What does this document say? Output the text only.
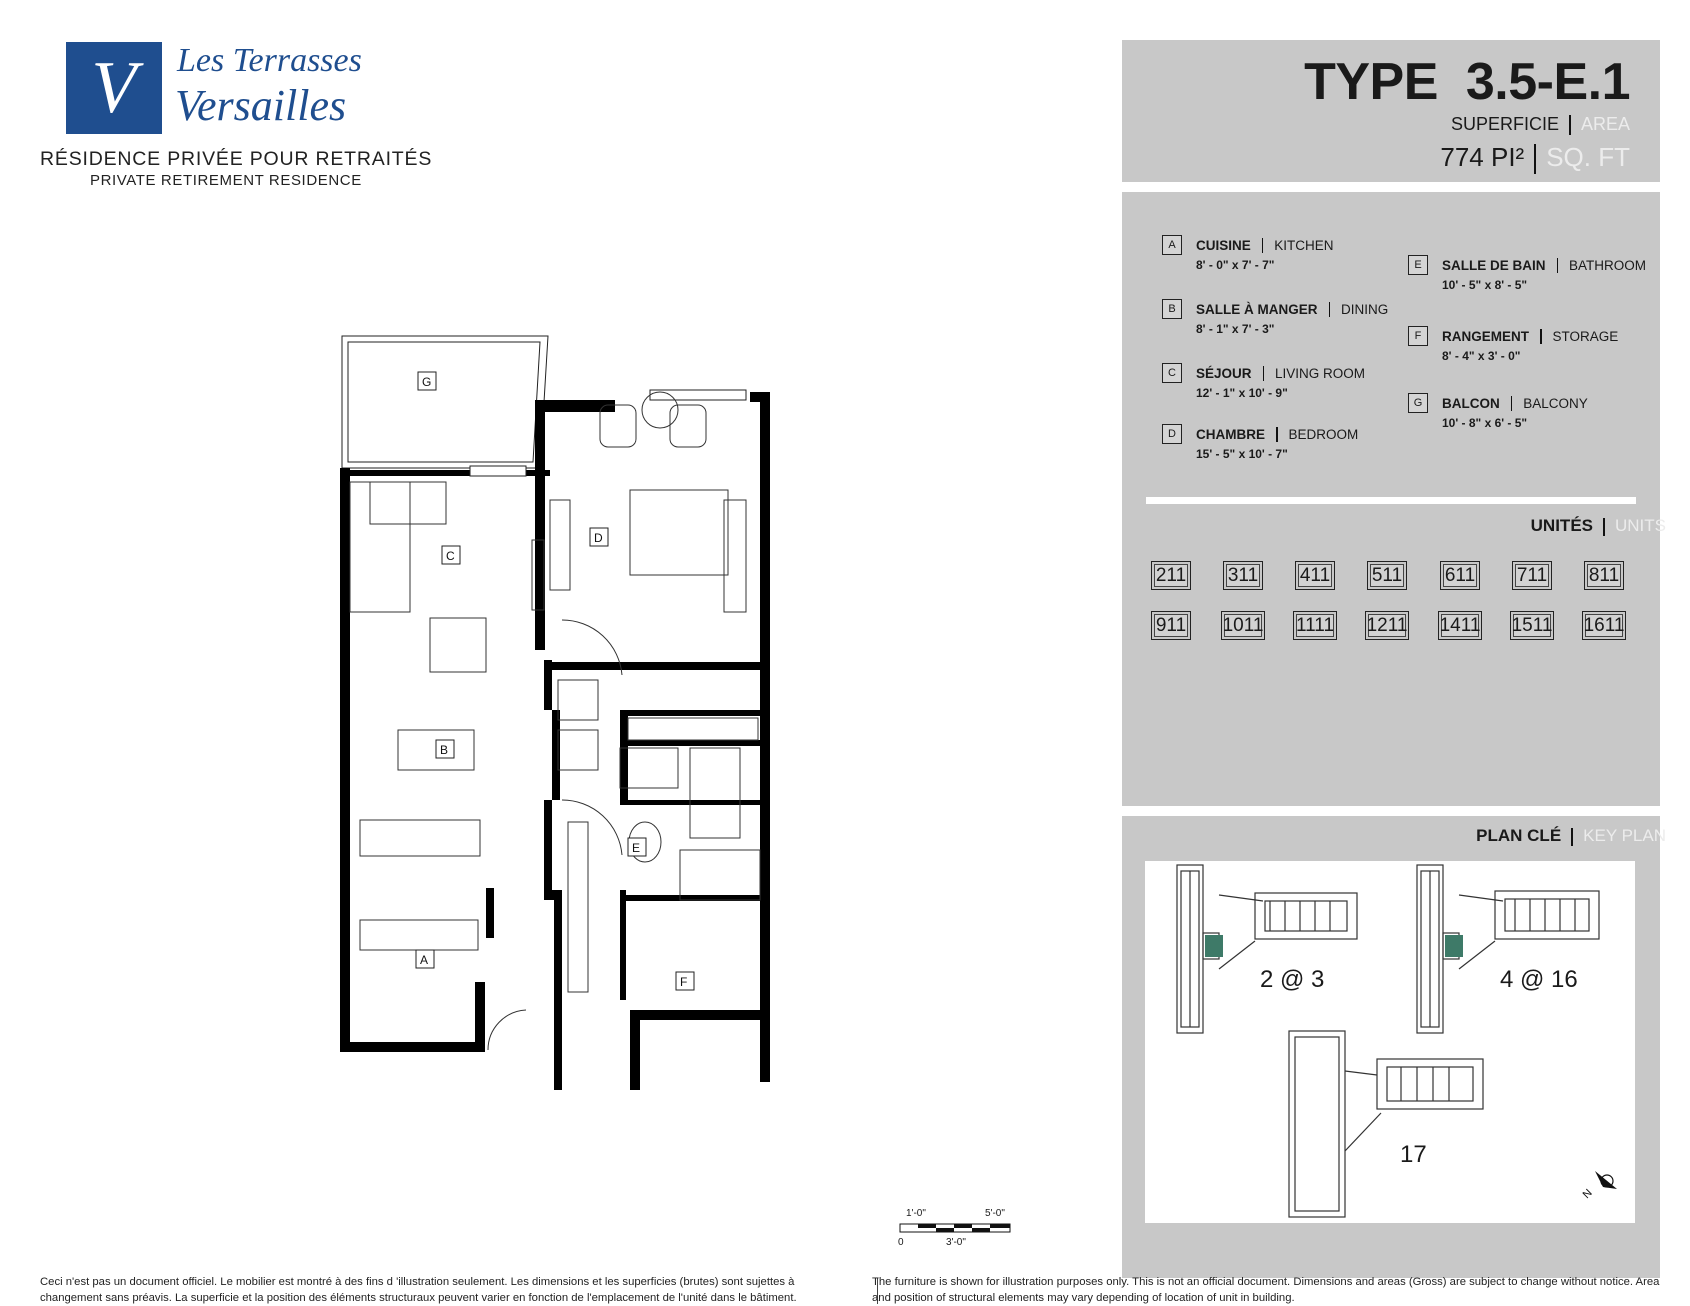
V	Les Terrasses
Versailles
RÉSIDENCE PRIVÉE POUR RETRAITÉS
PRIVATE RETIREMENT RESIDENCE
TYPE 3.5-E.1
SUPERFICIE AREA
774 PI² SQ. FT
A	CUISINE KITCHEN
8' - 0" x 7' - 7"
B	SALLE À MANGER DINING
8' - 1" x 7' - 3"
C	SÉJOUR LIVING ROOM
12' - 1" x 10' - 9"
D	CHAMBRE BEDROOM
15' - 5" x 10' - 7"
E	SALLE DE BAIN BATHROOM
10' - 5" x 8' - 5"
F	RANGEMENT STORAGE
8' - 4" x 3' - 0"
G	BALCON BALCONY
10' - 8" x 6' - 5"
UNITÉS UNITS
211 311 411 511 611 711 811
911 1011 1111 1211 1411 1511 1611
PLAN CLÉ KEY PLAN
N
2 @ 3	4 @ 16
17
G
C
D
B
E
A
F
1'-0"	5'-0"
0	3'-0"
Ceci n'est pas un document officiel. Le mobilier est montré à des fins d 'illustration seulement. Les dimensions et les superficies (brutes) sont sujettes à changement sans préavis. La superficie et la position des éléments structuraux peuvent varier en fonction de l'emplacement de l'unité dans le bâtiment.
The furniture is shown for illustration purposes only. This is not an official document. Dimensions and areas (Gross) are subject to change without notice. Area and position of structural elements may vary depending of location of unit in building.
